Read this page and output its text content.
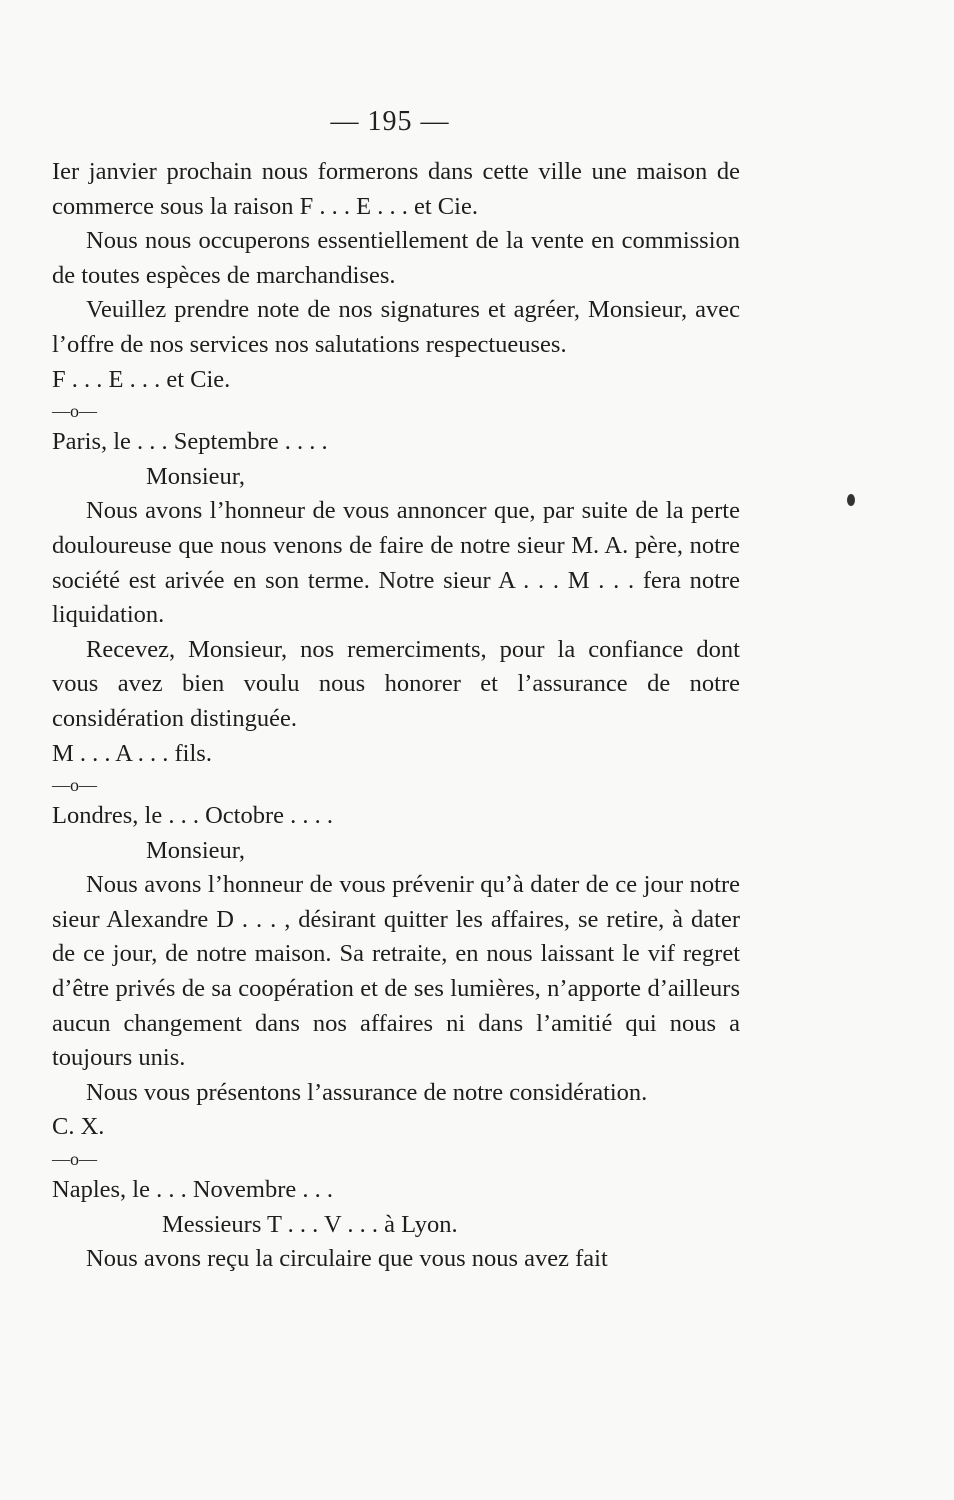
— 195 —

Ier janvier prochain nous formerons dans cette ville une maison de commerce sous la raison F . . . E . . . et Cie.

Nous nous occuperons essentiellement de la vente en commission de toutes espèces de marchandises.

Veuillez prendre note de nos signatures et agréer, Monsieur, avec l’offre de nos services nos salutations respectueuses.

F . . . E . . . et Cie.

—o—

Paris, le . . . Septembre . . . .

Monsieur,

Nous avons l’honneur de vous annoncer que, par suite de la perte douloureuse que nous venons de faire de notre sieur M. A. père, notre société est arivée en son terme. Notre sieur A . . . M . . . fera notre liquidation.

Recevez, Monsieur, nos remerciments, pour la confiance dont vous avez bien voulu nous honorer et l’assurance de notre considération distinguée.

M . . . A . . . fils.

—o—

Londres, le . . . Octobre . . . .

Monsieur,

Nous avons l’honneur de vous prévenir qu’à dater de ce jour notre sieur Alexandre D . . . , désirant quitter les affaires, se retire, à dater de ce jour, de notre maison. Sa retraite, en nous laissant le vif regret d’être privés de sa coopération et de ses lumières, n’apporte d’ailleurs aucun changement dans nos affaires ni dans l’amitié qui nous a toujours unis.

Nous vous présentons l’assurance de notre considération.

C. X.

—o—

Naples, le . . . Novembre . . .

Messieurs T . . . V . . . à Lyon.

Nous avons reçu la circulaire que vous nous avez fait
